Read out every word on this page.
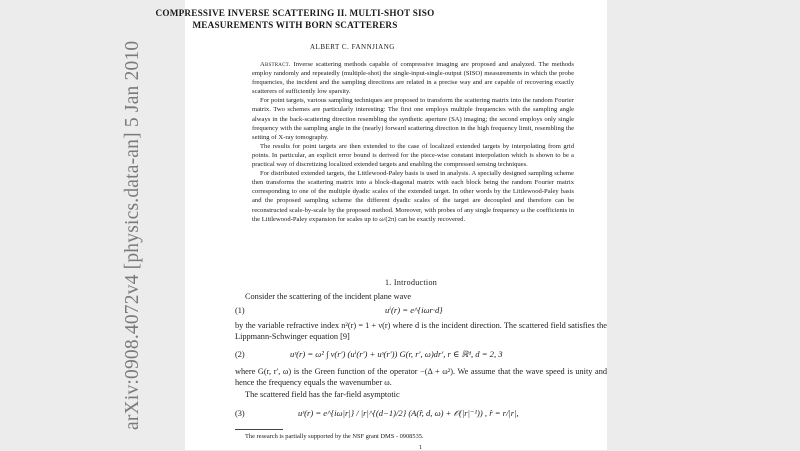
arXiv:0908.4072v4 [physics.data-an] 5 Jan 2010
COMPRESSIVE INVERSE SCATTERING II. MULTI-SHOT SISO
MEASUREMENTS WITH BORN SCATTERERS
ALBERT C. FANNJIANG

Abstract. Inverse scattering methods capable of compressive imaging are proposed and analyzed. The methods employ randomly and repeatedly (multiple-shot) the single-input-single-output (SISO) measurements in which the probe frequencies, the incident and the sampling directions are related in a precise way and are capable of recovering exactly scatterers of sufficiently low sparsity.

For point targets, various sampling techniques are proposed to transform the scattering matrix into the random Fourier matrix. Two schemes are particularly interesting: The first one employs multiple frequencies with the sampling angle always in the back-scattering direction resembling the synthetic aperture (SA) imaging; the second employs only single frequency with the sampling angle in the (nearly) forward scattering direction in the high frequency limit, resembling the setting of X-ray tomography.

The results for point targets are then extended to the case of localized extended targets by interpolating from grid points. In particular, an explicit error bound is derived for the piece-wise constant interpolation which is shown to be a practical way of discretizing localized extended targets and enabling the compressed sensing techniques.

For distributed extended targets, the Littlewood-Paley basis is used in analysis. A specially designed sampling scheme then transforms the scattering matrix into a block-diagonal matrix with each block being the random Fourier matrix corresponding to one of the multiple dyadic scales of the extended target. In other words by the Littlewood-Paley basis and the proposed sampling scheme the different dyadic scales of the target are decoupled and therefore can be reconstructed scale-by-scale by the proposed method. Moreover, with probes of any single frequency ω the coefficients in the Littlewood-Paley expansion for scales up to ω/(2π) can be exactly recovered.

1. Introduction
Consider the scattering of the incident plane wave
(1)	uⁱ(r) = e^{iωr·d}
by the variable refractive index n²(r) = 1 + ν(r) where d is the incident direction. The scattered field satisfies the Lippmann-Schwinger equation [9]
(2)	uˢ(r) = ω² ∫ ν(r′) (uⁱ(r′) + uˢ(r′)) G(r, r′, ω)dr′, r ∈ ℝᵈ, d = 2, 3
where G(r, r′, ω) is the Green function of the operator −(Δ + ω²). We assume that the wave speed is unity and hence the frequency equals the wavenumber ω.
The scattered field has the far-field asymptotic
(3)	uˢ(r) = e^{iω|r|} / |r|^{(d−1)/2} (A(r̂, d, ω) + 𝒪(|r|⁻¹)) , r̂ = r/|r|,
The research is partially supported by the NSF grant DMS - 0908535.
1
